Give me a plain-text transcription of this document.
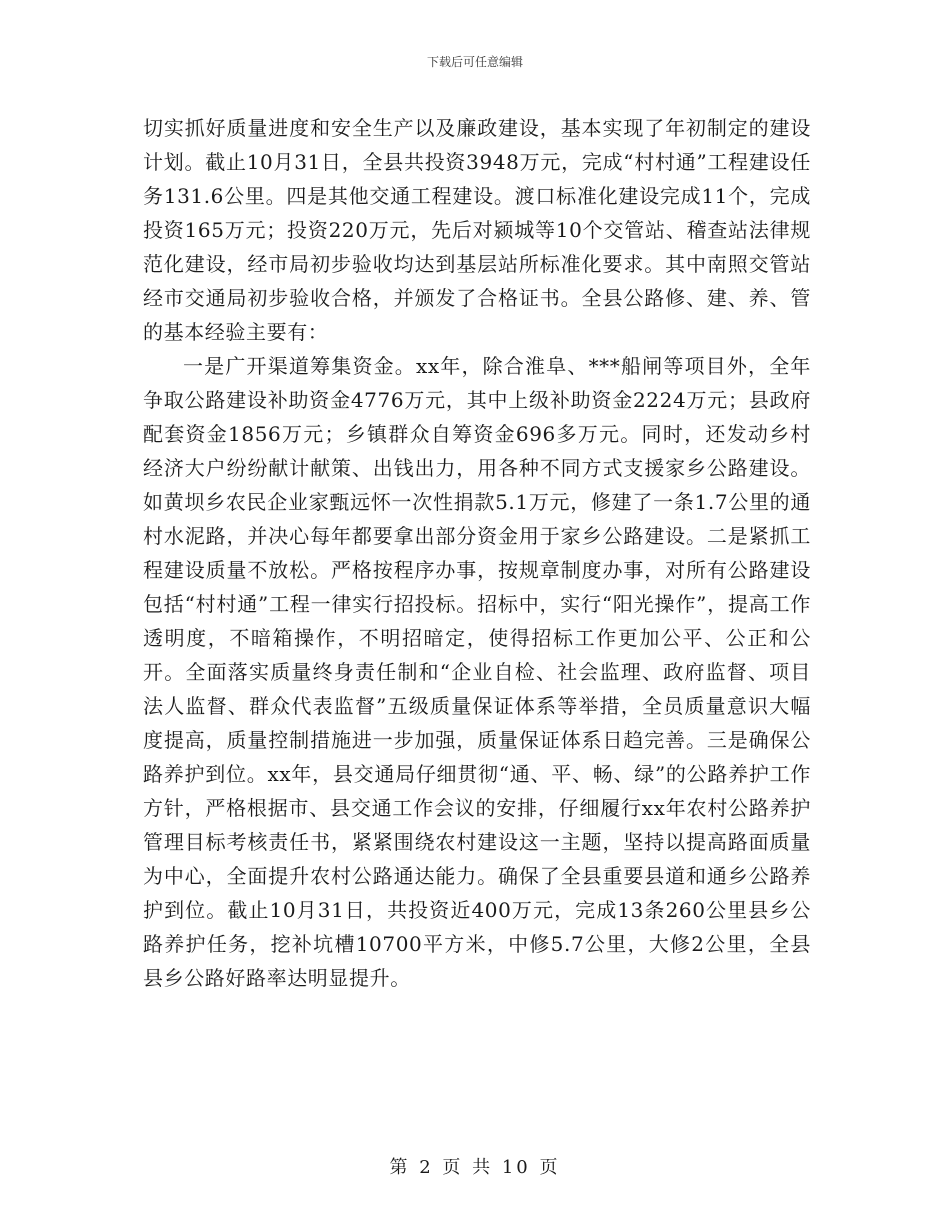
下载后可任意编辑

切实抓好质量进度和安全生产以及廉政建设，基本实现了年初制定的建设计划。截止10月31日，全县共投资3948万元，完成“村村通”工程建设任务131.6公里。四是其他交通工程建设。渡口标准化建设完成11个，完成投资165万元；投资220万元，先后对颍城等10个交管站、稽查站法律规范化建设，经市局初步验收均达到基层站所标准化要求。其中南照交管站经市交通局初步验收合格，并颁发了合格证书。全县公路修、建、养、管的基本经验主要有：

一是广开渠道筹集资金。xx年，除合淮阜、***船闸等项目外，全年争取公路建设补助资金4776万元，其中上级补助资金2224万元；县政府配套资金1856万元；乡镇群众自筹资金696多万元。同时，还发动乡村经济大户纷纷献计献策、出钱出力，用各种不同方式支援家乡公路建设。如黄坝乡农民企业家甄远怀一次性捐款5.1万元，修建了一条1.7公里的通村水泥路，并决心每年都要拿出部分资金用于家乡公路建设。二是紧抓工程建设质量不放松。严格按程序办事，按规章制度办事，对所有公路建设包括“村村通”工程一律实行招投标。招标中，实行“阳光操作”，提高工作透明度，不暗箱操作，不明招暗定，使得招标工作更加公平、公正和公开。全面落实质量终身责任制和“企业自检、社会监理、政府监督、项目法人监督、群众代表监督”五级质量保证体系等举措，全员质量意识大幅度提高，质量控制措施进一步加强，质量保证体系日趋完善。三是确保公路养护到位。xx年，县交通局仔细贯彻“通、平、畅、绿”的公路养护工作方针，严格根据市、县交通工作会议的安排，仔细履行xx年农村公路养护管理目标考核责任书，紧紧围绕农村建设这一主题，坚持以提高路面质量为中心，全面提升农村公路通达能力。确保了全县重要县道和通乡公路养护到位。截止10月31日，共投资近400万元，完成13条260公里县乡公路养护任务，挖补坑槽10700平方米，中修5.7公里，大修2公里，全县县乡公路好路率达明显提升。

第 2 页 共 10 页
